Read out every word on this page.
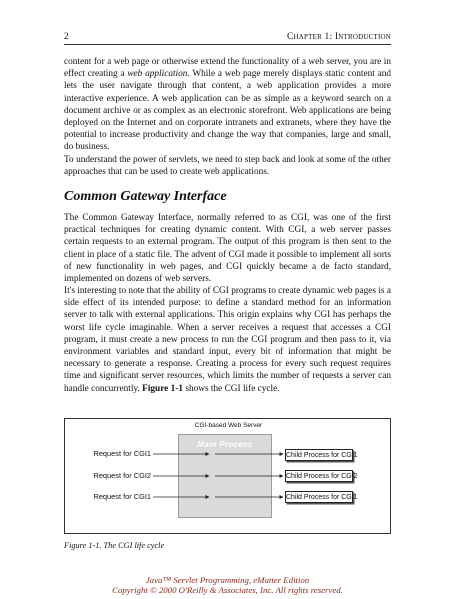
2	Chapter 1: Introduction

content for a web page or otherwise extend the functionality of a web server, you are in effect creating a web application. While a web page merely displays static content and lets the user navigate through that content, a web application provides a more interactive experience. A web application can be as simple as a keyword search on a document archive or as complex as an electronic storefront. Web applications are being deployed on the Internet and on corporate intranets and extranets, where they have the potential to increase productivity and change the way that companies, large and small, do business.

To understand the power of servlets, we need to step back and look at some of the other approaches that can be used to create web applications.

Common Gateway Interface

The Common Gateway Interface, normally referred to as CGI, was one of the first practical techniques for creating dynamic content. With CGI, a web server passes certain requests to an external program. The output of this program is then sent to the client in place of a static file. The advent of CGI made it possible to implement all sorts of new functionality in web pages, and CGI quickly became a de facto standard, implemented on dozens of web servers.

It's interesting to note that the ability of CGI programs to create dynamic web pages is a side effect of its intended purpose: to define a standard method for an information server to talk with external applications. This origin explains why CGI has perhaps the worst life cycle imaginable. When a server receives a request that accesses a CGI program, it must create a new process to run the CGI program and then pass to it, via environment variables and standard input, every bit of information that might be necessary to generate a response. Creating a process for every such request requires time and significant server resources, which limits the number of requests a server can handle concurrently. Figure 1-1 shows the CGI life cycle.

CGI-based Web Server
Main Process
Request for CGI1
Request for CGI2
Request for CGI1
Child Process for CGI1
Child Process for CGI2
Child Process for CGI1
Figure 1-1. The CGI life cycle
Java™ Servlet Programming, eMatter Edition
Copyright © 2000 O'Reilly & Associates, Inc. All rights reserved.
